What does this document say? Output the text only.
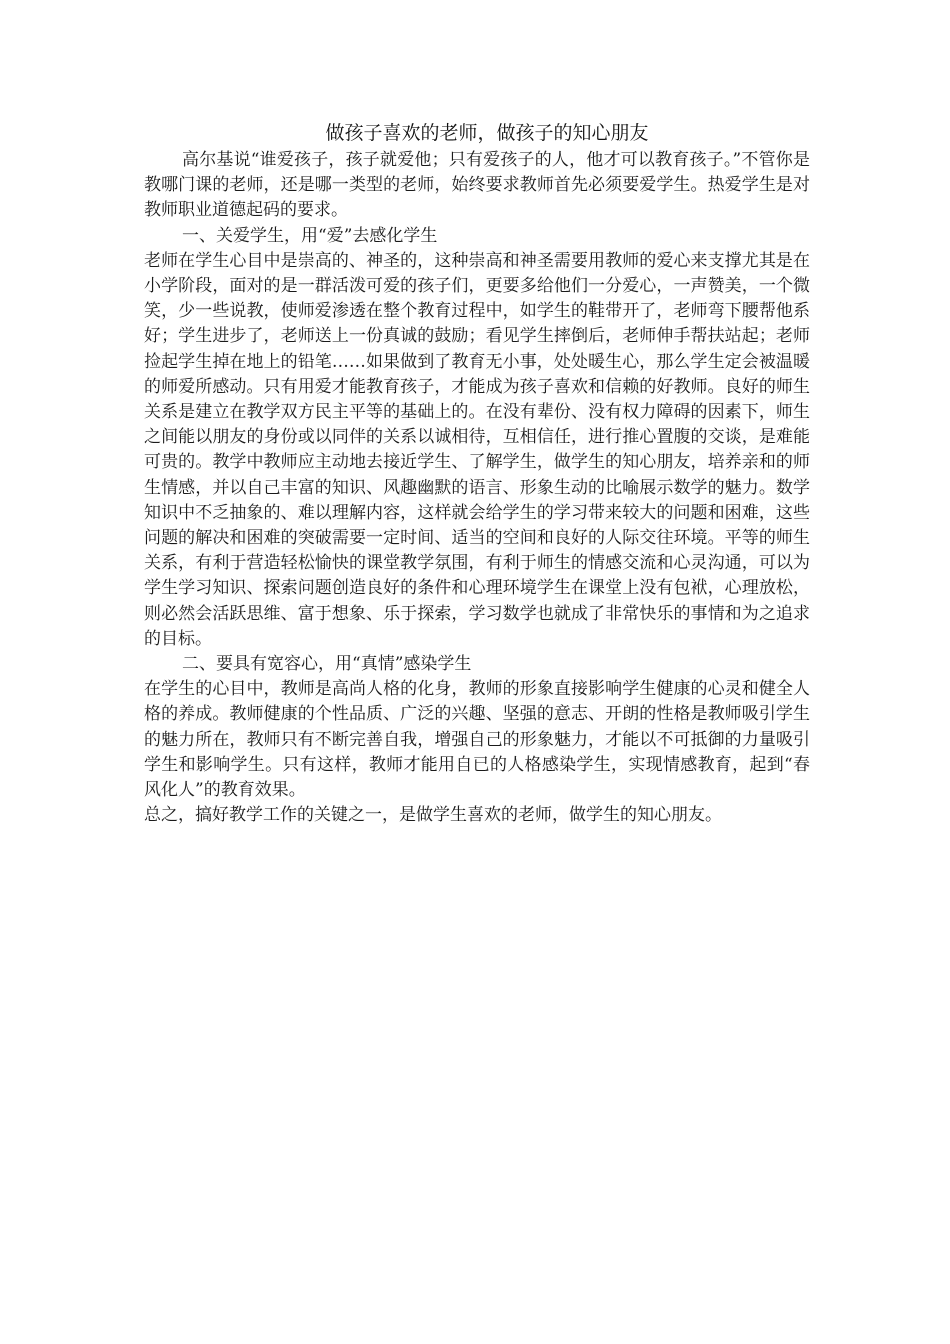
做孩子喜欢的老师，做孩子的知心朋友

高尔基说“谁爱孩子，孩子就爱他；只有爱孩子的人，他才可以教育孩子。”不管你是教哪门课的老师，还是哪一类型的老师，始终要求教师首先必须要爱学生。热爱学生是对教师职业道德起码的要求。

一、关爱学生，用“爱”去感化学生

老师在学生心目中是崇高的、神圣的，这种崇高和神圣需要用教师的爱心来支撑尤其是在小学阶段，面对的是一群活泼可爱的孩子们，更要多给他们一分爱心，一声赞美，一个微笑，少一些说教，使师爱渗透在整个教育过程中，如学生的鞋带开了，老师弯下腰帮他系好；学生进步了，老师送上一份真诚的鼓励；看见学生摔倒后，老师伸手帮扶站起；老师捡起学生掉在地上的铅笔……如果做到了教育无小事，处处暖生心，那么学生定会被温暖的师爱所感动。只有用爱才能教育孩子，才能成为孩子喜欢和信赖的好教师。良好的师生关系是建立在教学双方民主平等的基础上的。在没有辈份、没有权力障碍的因素下，师生之间能以朋友的身份或以同伴的关系以诚相待，互相信任，进行推心置腹的交谈，是难能可贵的。教学中教师应主动地去接近学生、了解学生，做学生的知心朋友，培养亲和的师生情感，并以自己丰富的知识、风趣幽默的语言、形象生动的比喻展示数学的魅力。数学知识中不乏抽象的、难以理解内容，这样就会给学生的学习带来较大的问题和困难，这些问题的解决和困难的突破需要一定时间、适当的空间和良好的人际交往环境。平等的师生关系，有利于营造轻松愉快的课堂教学氛围，有利于师生的情感交流和心灵沟通，可以为学生学习知识、探索问题创造良好的条件和心理环境学生在课堂上没有包袱，心理放松，则必然会活跃思维、富于想象、乐于探索，学习数学也就成了非常快乐的事情和为之追求的目标。

二、要具有宽容心，用“真情”感染学生

在学生的心目中，教师是高尚人格的化身，教师的形象直接影响学生健康的心灵和健全人格的养成。教师健康的个性品质、广泛的兴趣、坚强的意志、开朗的性格是教师吸引学生的魅力所在，教师只有不断完善自我，增强自己的形象魅力，才能以不可抵御的力量吸引学生和影响学生。只有这样，教师才能用自已的人格感染学生，实现情感教育，起到“春风化人”的教育效果。

总之，搞好教学工作的关键之一，是做学生喜欢的老师，做学生的知心朋友。
